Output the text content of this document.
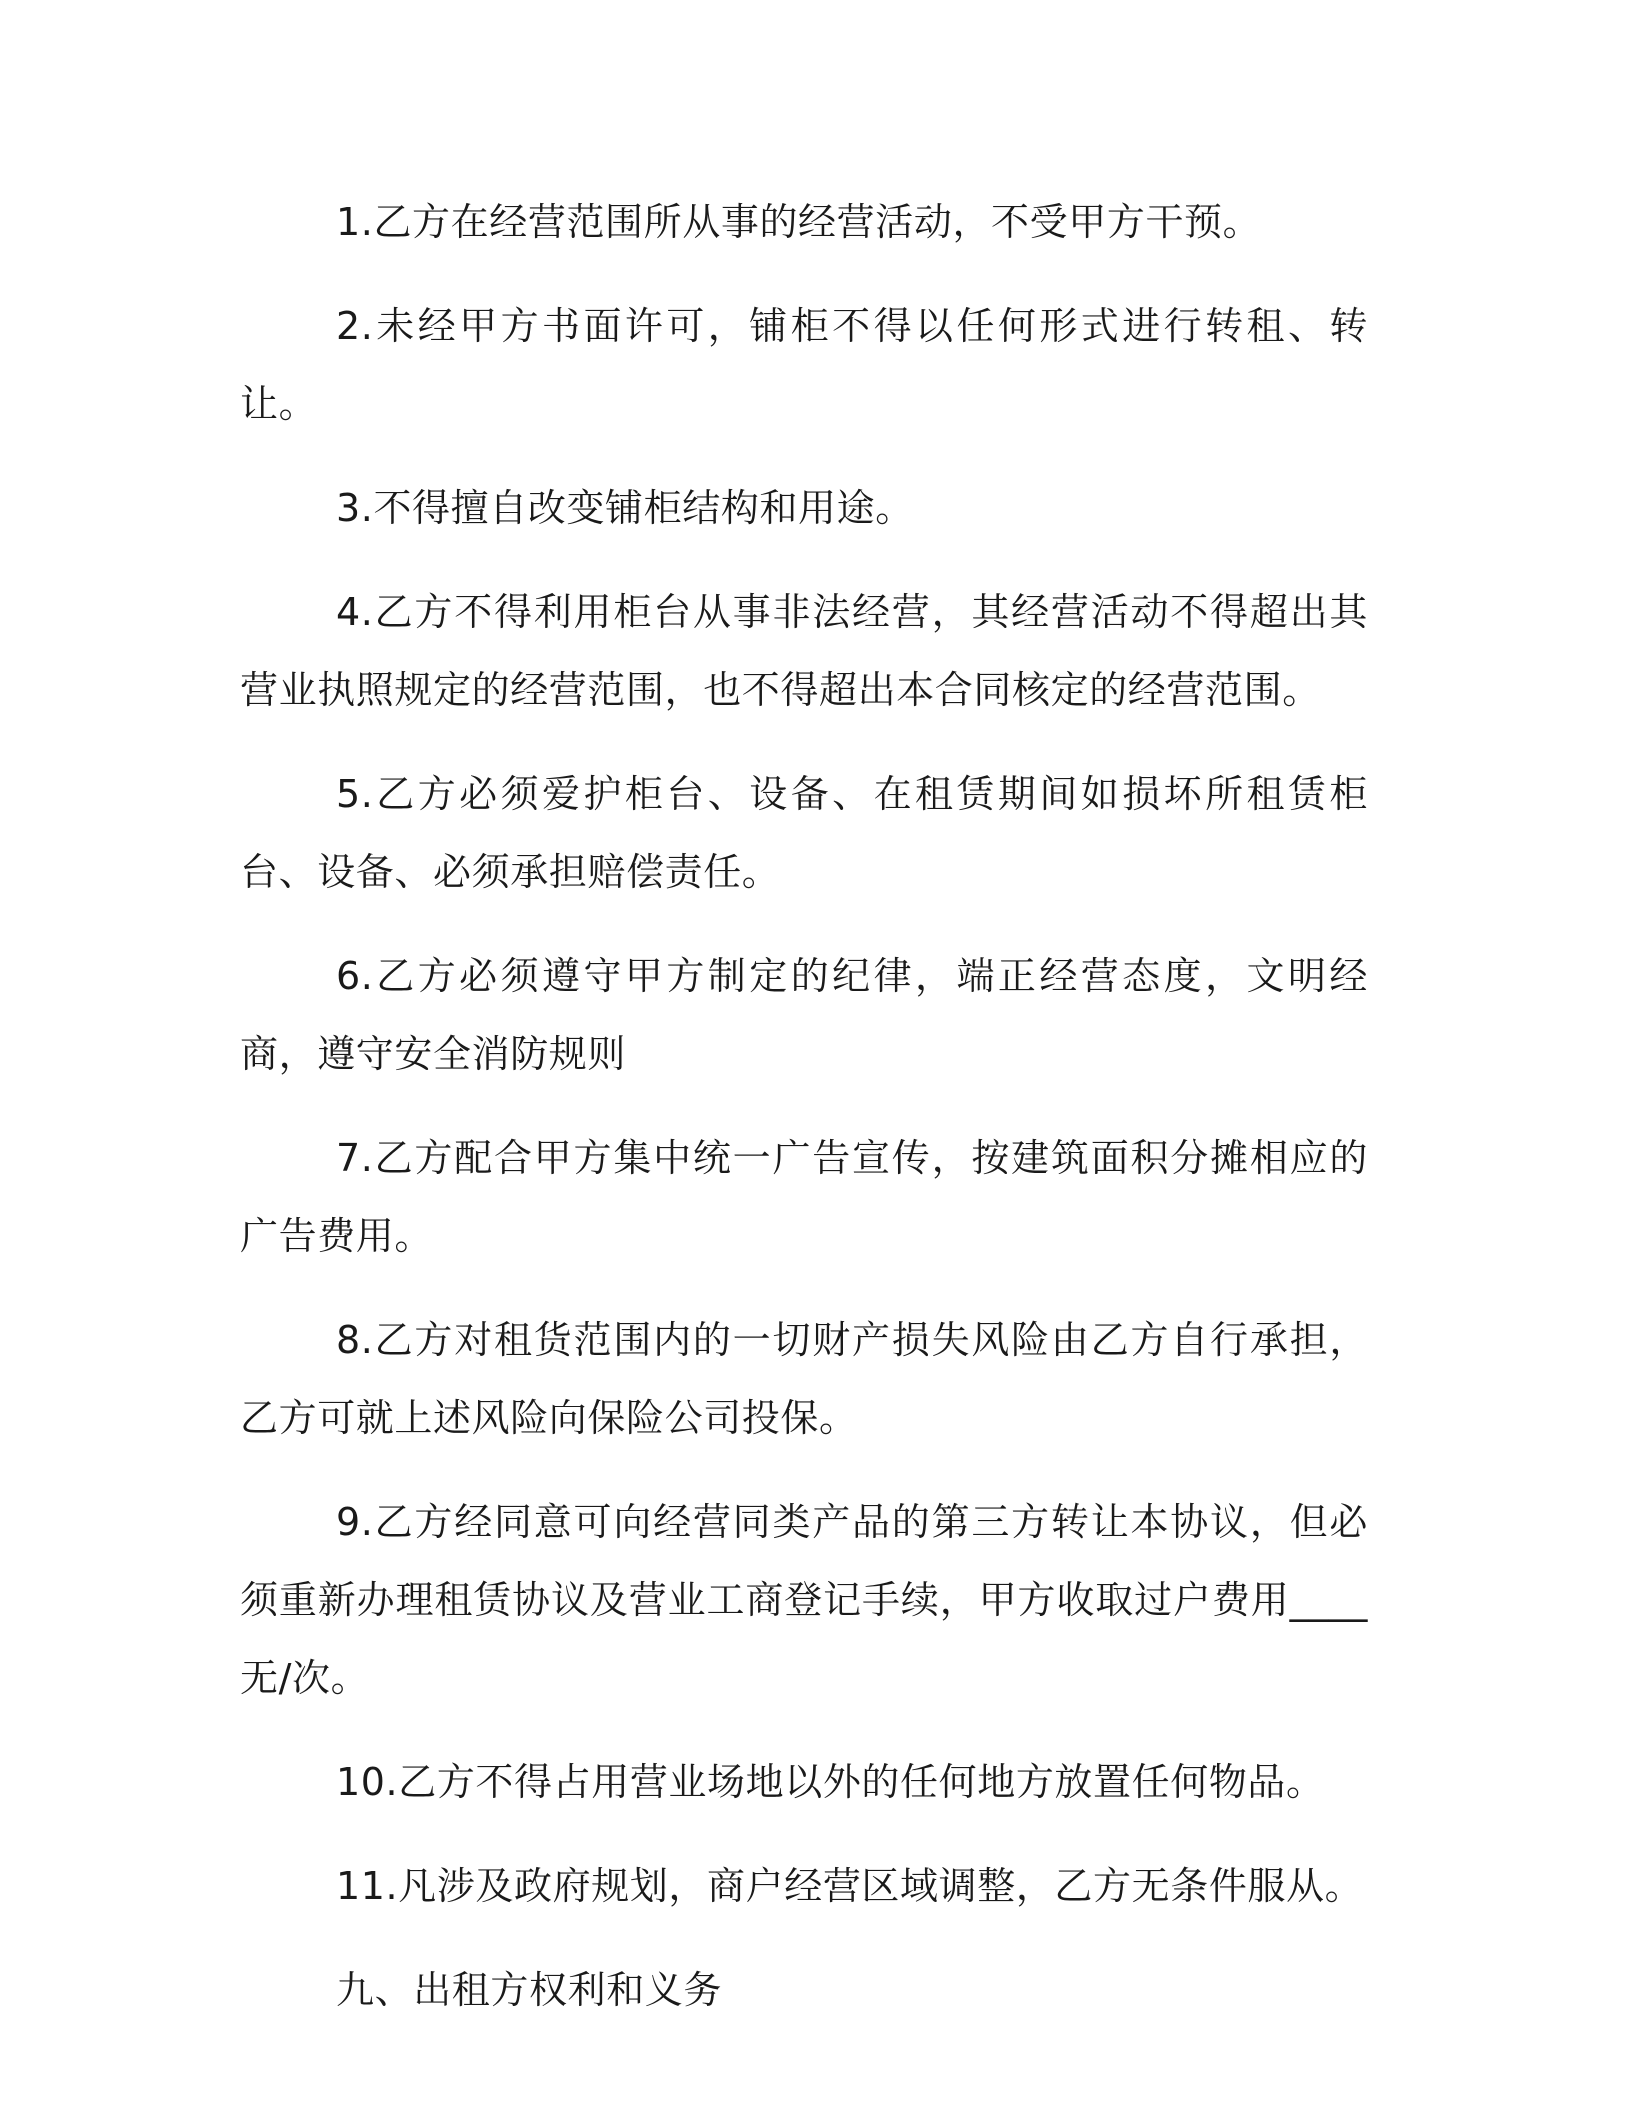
1.乙方在经营范围所从事的经营活动，不受甲方干预。

2.未经甲方书面许可，铺柜不得以任何形式进行转租、转让。

3.不得擅自改变铺柜结构和用途。

4.乙方不得利用柜台从事非法经营，其经营活动不得超出其营业执照规定的经营范围，也不得超出本合同核定的经营范围。

5.乙方必须爱护柜台、设备、在租赁期间如损坏所租赁柜台、设备、必须承担赔偿责任。

6.乙方必须遵守甲方制定的纪律，端正经营态度，文明经商，遵守安全消防规则

7.乙方配合甲方集中统一广告宣传，按建筑面积分摊相应的广告费用。

8.乙方对租货范围内的一切财产损失风险由乙方自行承担，乙方可就上述风险向保险公司投保。

9.乙方经同意可向经营同类产品的第三方转让本协议，但必须重新办理租赁协议及营业工商登记手续，甲方收取过户费用____无/次。

10.乙方不得占用营业场地以外的任何地方放置任何物品。

11.凡涉及政府规划，商户经营区域调整，乙方无条件服从。

九、出租方权利和义务
